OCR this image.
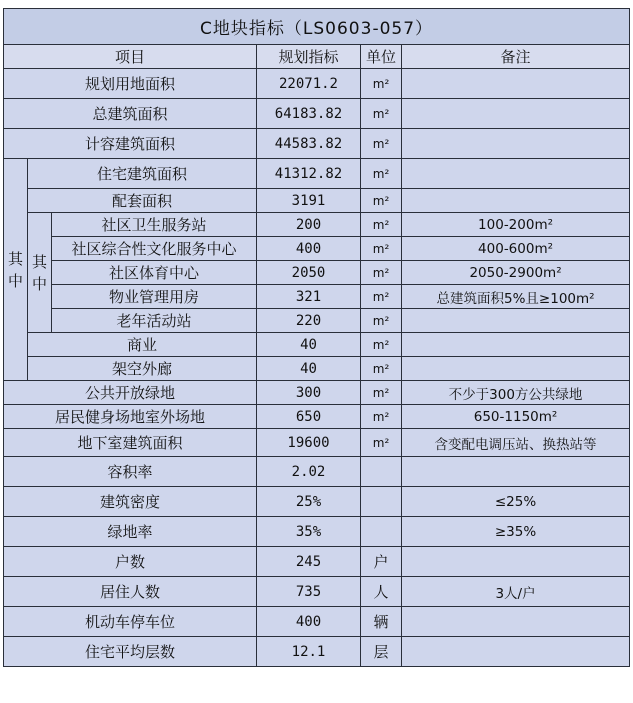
C地块指标（LS0603-057）					
项目			规划指标	单位	备注
规划用地面积			22071.2	m²	
总建筑面积			64183.82	m²	
计容建筑面积			44583.82	m²	

其
中	住宅建筑面积		41312.82	m²	
	配套面积		3191	m²	

	其
中	社区卫生服务站	200	m²	100-200m²
		社区综合性文化服务中心	400	m²	400-600m²
		社区体育中心	2050	m²	2050-2900m²
		物业管理用房	321	m²	总建筑面积5%且≥100m²
		老年活动站	220	m²	
	商业		40	m²	
	架空外廊		40	m²	
公共开放绿地			300	m²	不少于300方公共绿地
居民健身场地室外场地			650	m²	650-1150m²
地下室建筑面积			19600	m²	含变配电调压站、换热站等
容积率			2.02		
建筑密度			25%		≤25%
绿地率			35%		≥35%
户数			245	户	
居住人数			735	人	3人/户
机动车停车位			400	辆	
住宅平均层数			12.1	层	
